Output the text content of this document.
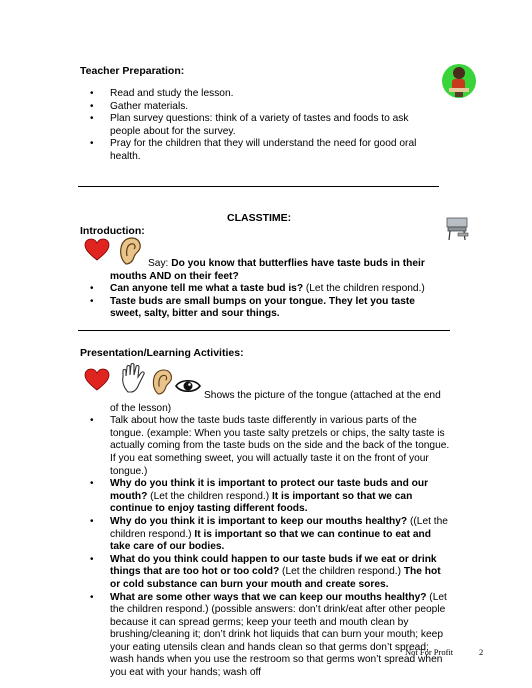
Teacher Preparation:
• Read and study the lesson.
• Gather materials.
• Plan survey questions: think of a variety of tastes and foods to ask people about for the survey.
• Pray for the children that they will understand the need for good oral health.
CLASSTIME:
Introduction:
Say: Do you know that butterflies have taste buds in their mouths AND on their feet?
• Can anyone tell me what a taste bud is? (Let the children respond.)
• Taste buds are small bumps on your tongue. They let you taste sweet, salty, bitter and sour things.
Presentation/Learning Activities:
Shows the picture of the tongue (attached at the end of the lesson)
• Talk about how the taste buds taste differently in various parts of the tongue. (example: When you taste salty pretzels or chips, the salty taste is actually coming from the taste buds on the side and the back of the tongue. If you eat something sweet, you will actually taste it on the front of your tongue.)
• Why do you think it is important to protect our taste buds and our mouth? (Let the children respond.) It is important so that we can continue to enjoy tasting different foods.
• Why do you think it is important to keep our mouths healthy? ((Let the children respond.) It is important so that we can continue to eat and take care of our bodies.
• What do you think could happen to our taste buds if we eat or drink things that are too hot or too cold? (Let the children respond.) The hot or cold substance can burn your mouth and create sores.
• What are some other ways that we can keep our mouths healthy? (Let the children respond.) (possible answers: don’t drink/eat after other people because it can spread germs; keep your teeth and mouth clean by brushing/cleaning it; don’t drink hot liquids that can burn your mouth; keep your eating utensils clean and hands clean so that germs don’t spread; wash hands when you use the restroom so that germs won’t spread when you eat with your hands; wash off
Not For Profit	2
